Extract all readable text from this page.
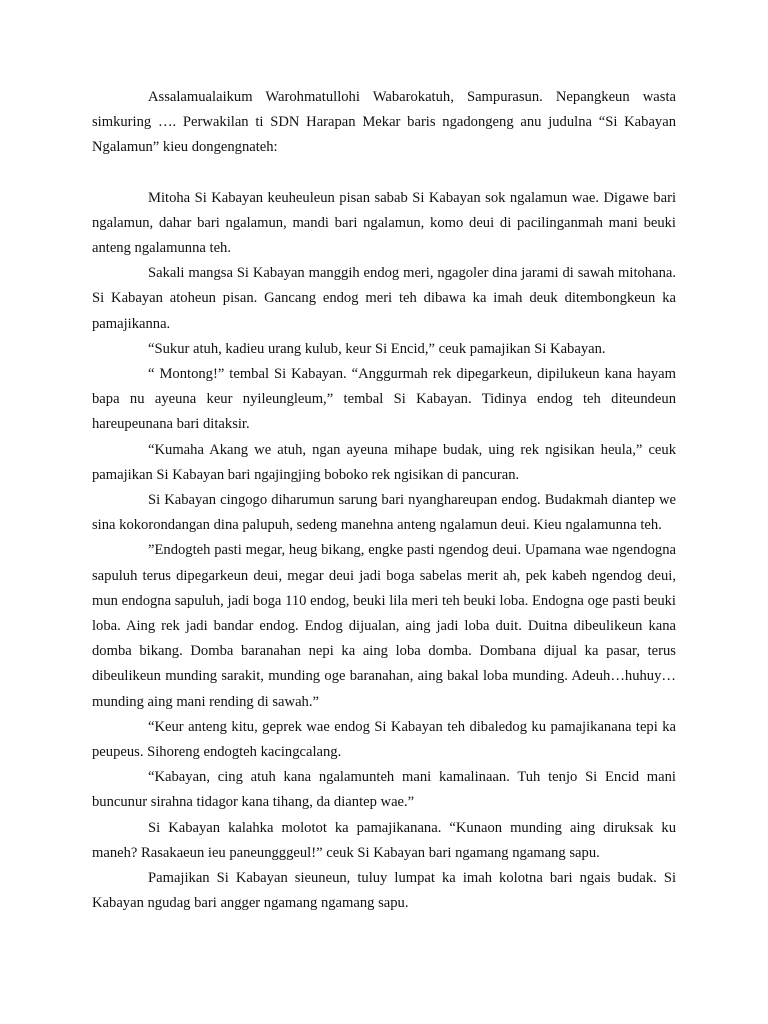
Assalamualaikum Warohmatullohi Wabarokatuh, Sampurasun. Nepangkeun wasta simkuring …. Perwakilan ti SDN Harapan Mekar baris ngadongeng anu judulna “Si Kabayan Ngalamun” kieu dongengnateh:

Mitoha Si Kabayan keuheuleun pisan sabab Si Kabayan sok ngalamun wae. Digawe bari ngalamun, dahar bari ngalamun, mandi bari ngalamun, komo deui di pacilinganmah mani beuki anteng ngalamunna teh.

Sakali mangsa Si Kabayan manggih endog meri, ngagoler dina jarami di sawah mitohana. Si Kabayan atoheun pisan. Gancang endog meri teh dibawa ka imah deuk ditembongkeun ka pamajikanna.

“Sukur atuh, kadieu urang kulub, keur Si Encid,” ceuk pamajikan Si Kabayan.

“ Montong!” tembal Si Kabayan. “Anggurmah rek dipegarkeun, dipilukeun kana hayam bapa nu ayeuna keur nyileungleum,” tembal Si Kabayan. Tidinya endog teh diteundeun hareupeunana bari ditaksir.

“Kumaha Akang we atuh, ngan ayeuna mihape budak, uing rek ngisikan heula,” ceuk pamajikan Si Kabayan bari ngajingjing boboko rek ngisikan di pancuran.

Si Kabayan cingogo diharumun sarung bari nyanghareupan endog. Budakmah diantep we sina kokorondangan dina palupuh, sedeng manehna anteng ngalamun deui. Kieu ngalamunna teh.

”Endogteh pasti megar, heug bikang, engke pasti ngendog deui. Upamana wae ngendogna sapuluh terus dipegarkeun deui, megar deui jadi boga sabelas merit ah, pek kabeh ngendog deui, mun endogna sapuluh, jadi boga 110 endog, beuki lila meri teh beuki loba. Endogna oge pasti beuki loba. Aing rek jadi bandar endog. Endog dijualan, aing jadi loba duit. Duitna dibeulikeun kana domba bikang. Domba baranahan nepi ka aing loba domba. Dombana dijual ka pasar, terus dibeulikeun munding sarakit, munding oge baranahan, aing bakal loba munding. Adeuh…huhuy…munding aing mani rending di sawah.”

“Keur anteng kitu, geprek wae endog Si Kabayan teh dibaledog ku pamajikanana tepi ka peupeus. Sihoreng endogteh kacingcalang.

“Kabayan, cing atuh kana ngalamunteh mani kamalinaan. Tuh tenjo Si Encid mani buncunur sirahna tidagor kana tihang, da diantep wae.”

Si Kabayan kalahka molotot ka pamajikanana. “Kunaon munding aing diruksak ku maneh? Rasakaeun ieu paneungggeul!” ceuk Si Kabayan bari ngamang ngamang sapu.

Pamajikan Si Kabayan sieuneun, tuluy lumpat ka imah kolotna bari ngais budak. Si Kabayan ngudag bari angger ngamang ngamang sapu.
